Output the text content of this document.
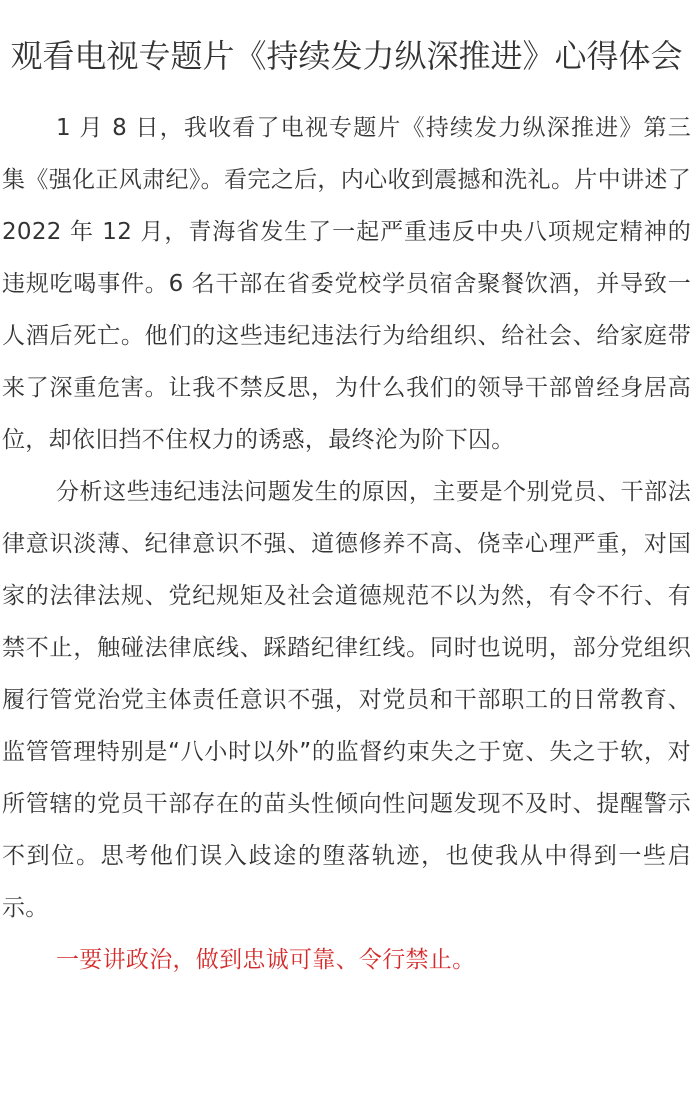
观看电视专题片《持续发力纵深推进》心得体会

1 月 8 日，我收看了电视专题片《持续发力纵深推进》第三集《强化正风肃纪》。看完之后，内心收到震撼和洗礼。片中讲述了 2022 年 12 月，青海省发生了一起严重违反中央八项规定精神的违规吃喝事件。6 名干部在省委党校学员宿舍聚餐饮酒，并导致一人酒后死亡。他们的这些违纪违法行为给组织、给社会、给家庭带来了深重危害。让我不禁反思，为什么我们的领导干部曾经身居高位，却依旧挡不住权力的诱惑，最终沦为阶下囚。

分析这些违纪违法问题发生的原因，主要是个别党员、干部法律意识淡薄、纪律意识不强、道德修养不高、侥幸心理严重，对国家的法律法规、党纪规矩及社会道德规范不以为然，有令不行、有禁不止，触碰法律底线、踩踏纪律红线。同时也说明，部分党组织履行管党治党主体责任意识不强，对党员和干部职工的日常教育、监管管理特别是“八小时以外”的监督约束失之于宽、失之于软，对所管辖的党员干部存在的苗头性倾向性问题发现不及时、提醒警示不到位。思考他们误入歧途的堕落轨迹，也使我从中得到一些启示。

一要讲政治，做到忠诚可靠、令行禁止。
